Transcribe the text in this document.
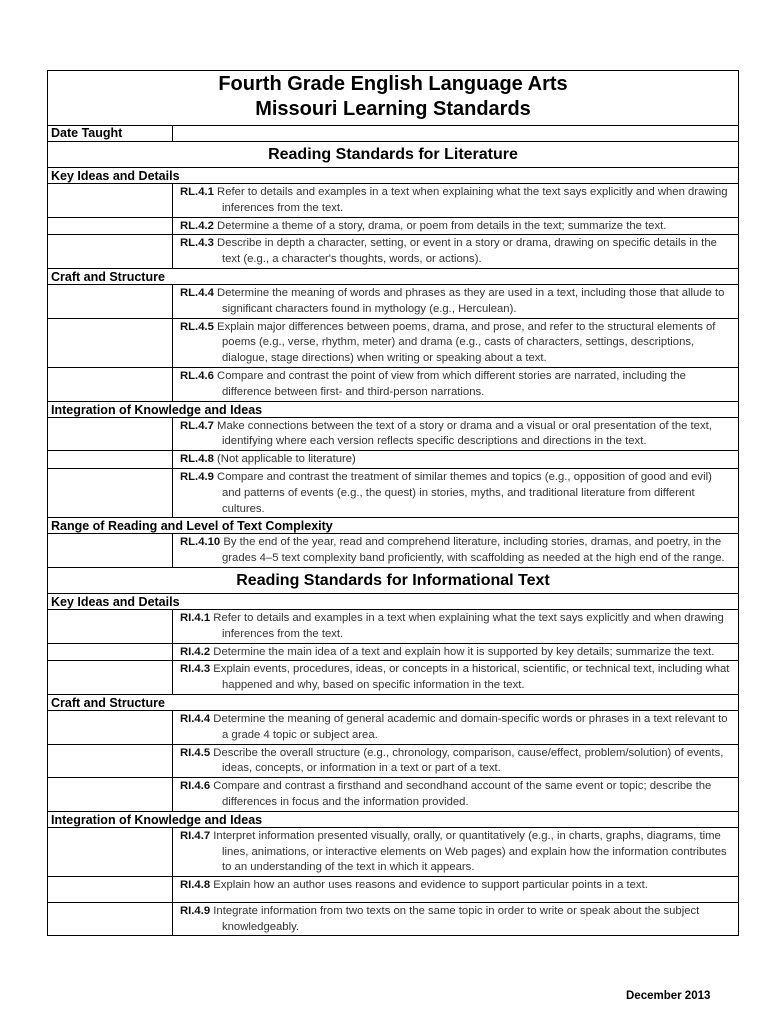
Fourth Grade English Language Arts
Missouri Learning Standards	

Date Taught	
Reading Standards for Literature	
Key Ideas and Details	

	RL.4.1 Refer to details and examples in a text when explaining what the text says explicitly and when drawing inferences from the text.

	RL.4.2 Determine a theme of a story, drama, or poem from details in the text; summarize the text.

	RL.4.3 Describe in depth a character, setting, or event in a story or drama, drawing on specific details in the text (e.g., a character's thoughts, words, or actions).

Craft and Structure	

	RL.4.4 Determine the meaning of words and phrases as they are used in a text, including those that allude to significant characters found in mythology (e.g., Herculean).

	RL.4.5 Explain major differences between poems, drama, and prose, and refer to the structural elements of poems (e.g., verse, rhythm, meter) and drama (e.g., casts of characters, settings, descriptions, dialogue, stage directions) when writing or speaking about a text.

	RL.4.6 Compare and contrast the point of view from which different stories are narrated, including the difference between first- and third-person narrations.

Integration of Knowledge and Ideas	

	RL.4.7 Make connections between the text of a story or drama and a visual or oral presentation of the text, identifying where each version reflects specific descriptions and directions in the text.

	RL.4.8 (Not applicable to literature)

	RL.4.9 Compare and contrast the treatment of similar themes and topics (e.g., opposition of good and evil) and patterns of events (e.g., the quest) in stories, myths, and traditional literature from different cultures.

Range of Reading and Level of Text Complexity	

	RL.4.10 By the end of the year, read and comprehend literature, including stories, dramas, and poetry, in the grades 4–5 text complexity band proficiently, with scaffolding as needed at the high end of the range.

Reading Standards for Informational Text	
Key Ideas and Details	

	RI.4.1 Refer to details and examples in a text when explaining what the text says explicitly and when drawing inferences from the text.

	RI.4.2 Determine the main idea of a text and explain how it is supported by key details; summarize the text.

	RI.4.3 Explain events, procedures, ideas, or concepts in a historical, scientific, or technical text, including what happened and why, based on specific information in the text.

Craft and Structure	

	RI.4.4 Determine the meaning of general academic and domain-specific words or phrases in a text relevant to a grade 4 topic or subject area.

	RI.4.5 Describe the overall structure (e.g., chronology, comparison, cause/effect, problem/solution) of events, ideas, concepts, or information in a text or part of a text.

	RI.4.6 Compare and contrast a firsthand and secondhand account of the same event or topic; describe the differences in focus and the information provided.

Integration of Knowledge and Ideas	

	RI.4.7 Interpret information presented visually, orally, or quantitatively (e.g., in charts, graphs, diagrams, time lines, animations, or interactive elements on Web pages) and explain how the information contributes to an understanding of the text in which it appears.

	RI.4.8 Explain how an author uses reasons and evidence to support particular points in a text.

	RI.4.9 Integrate information from two texts on the same topic in order to write or speak about the subject knowledgeably.
December 2013
